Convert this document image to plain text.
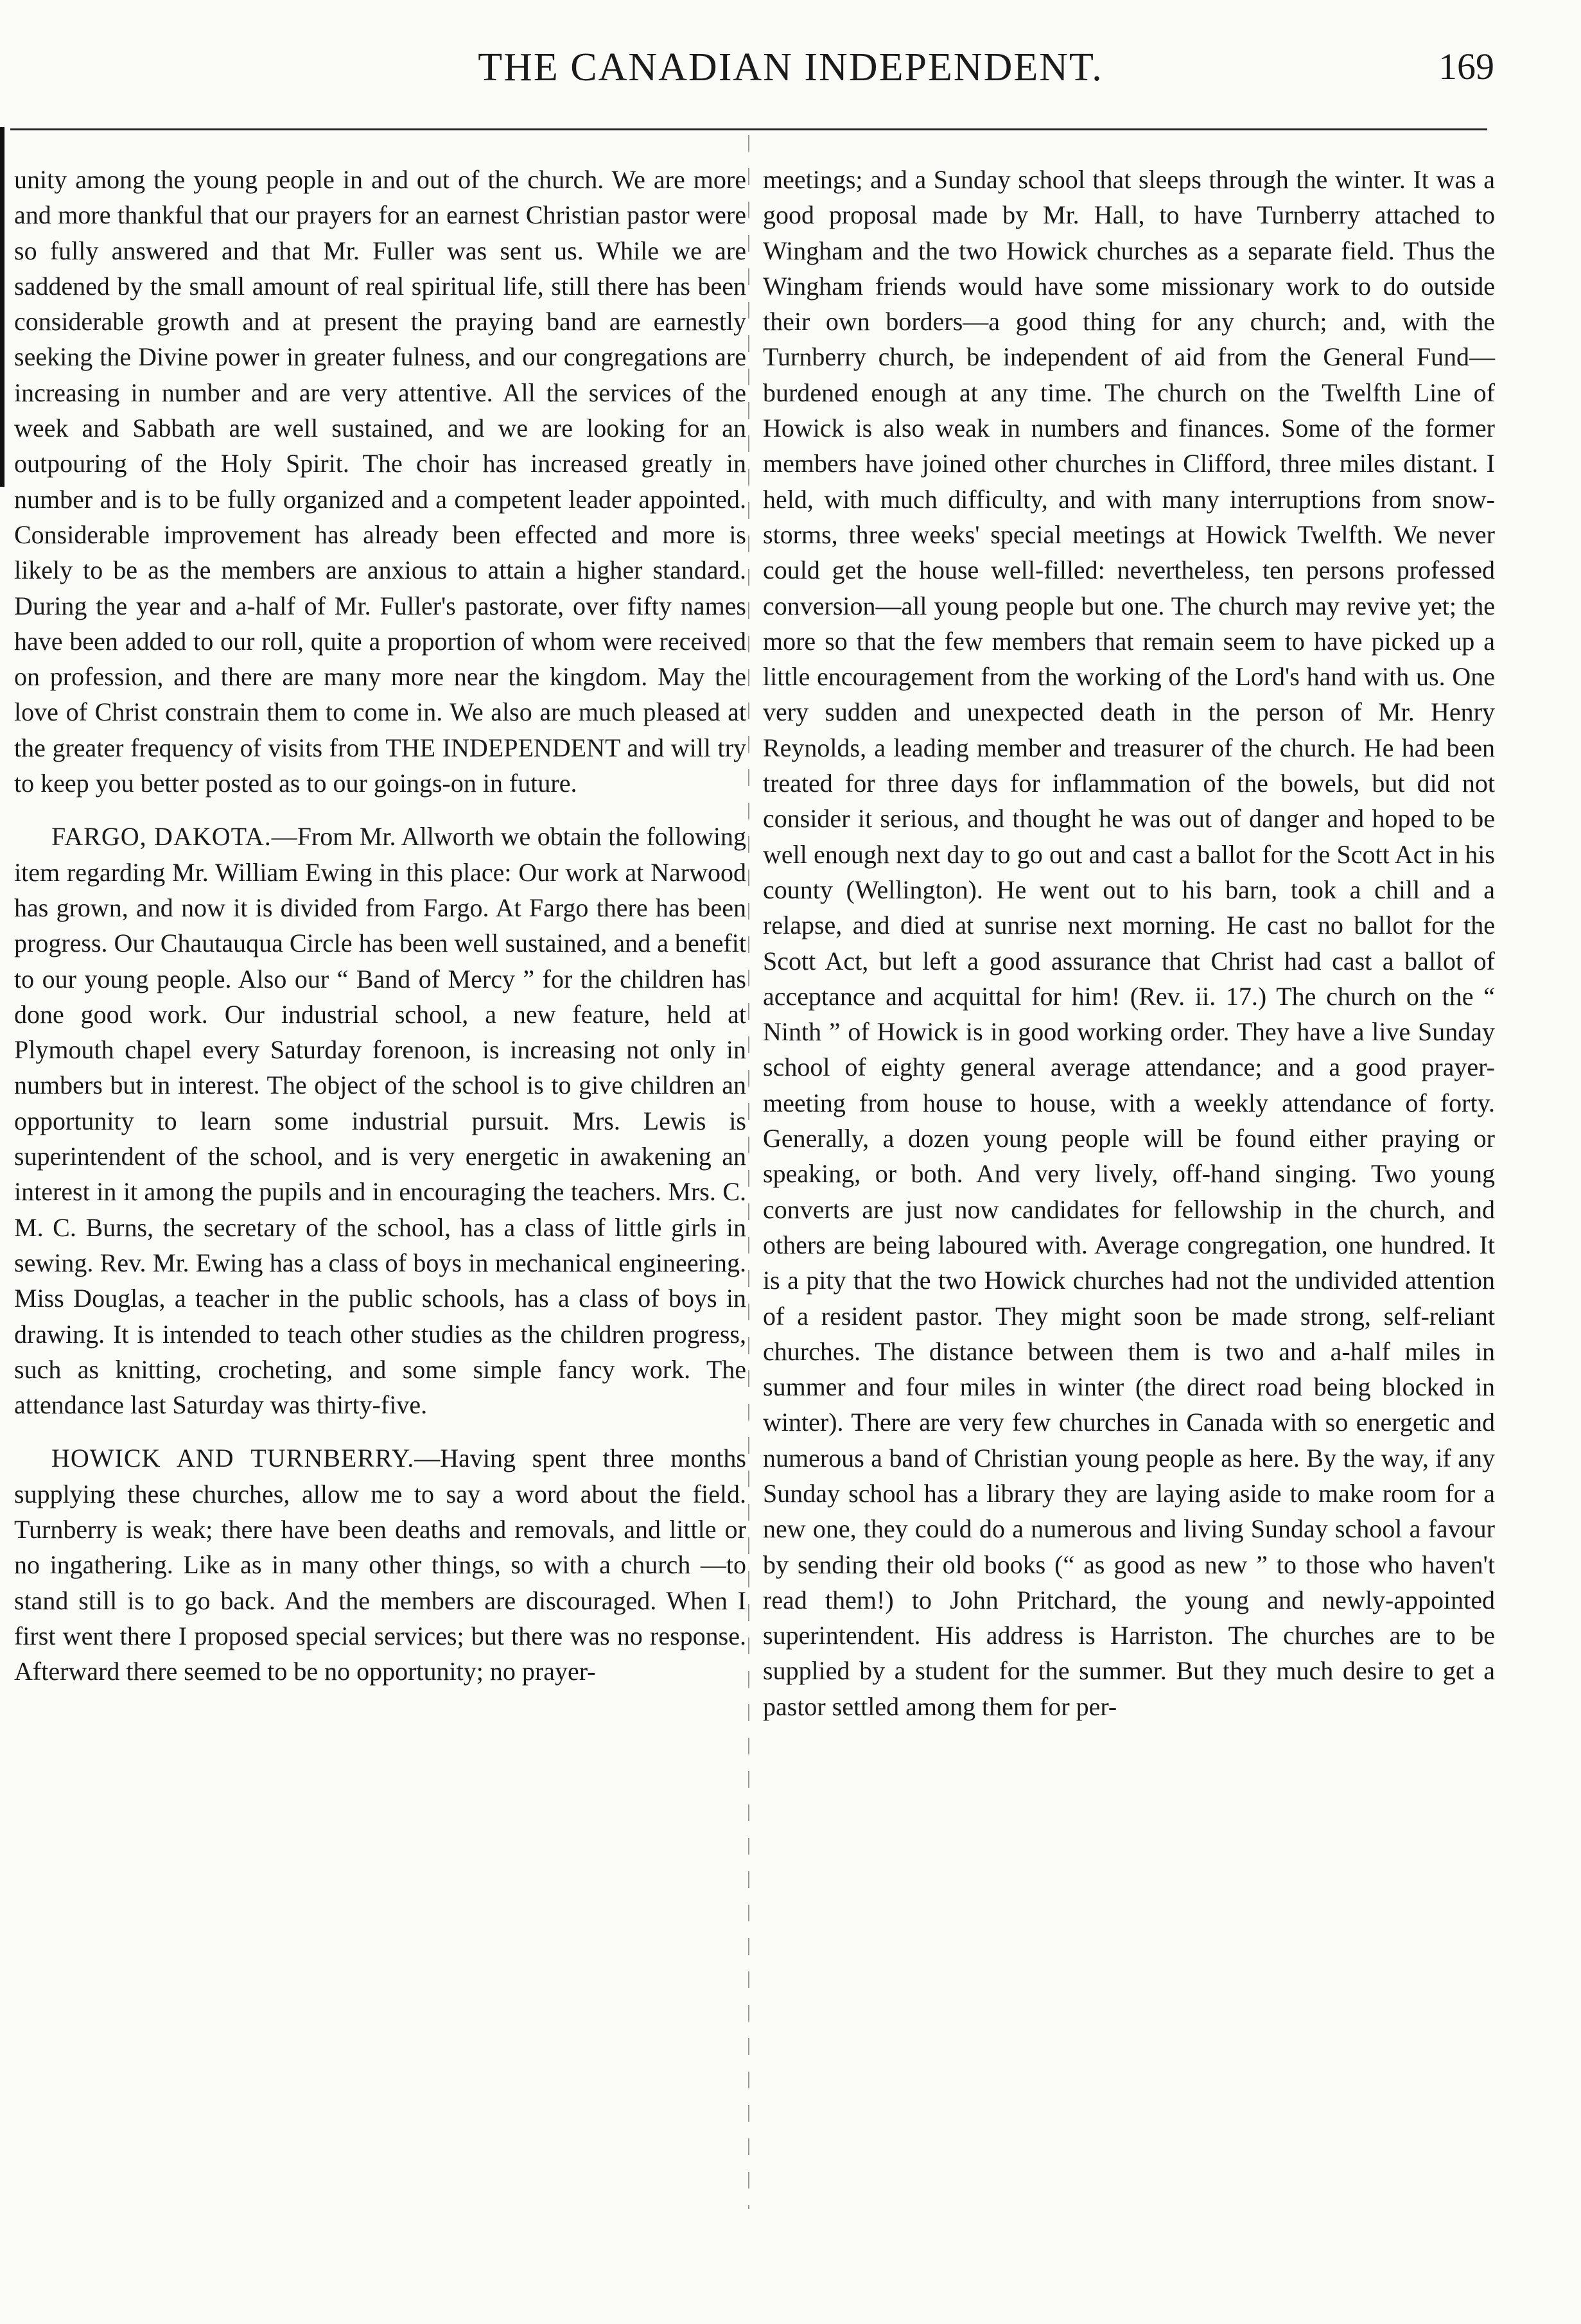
THE CANADIAN INDEPENDENT.	169

unity among the young people in and out of the church. We are more and more thankful that our prayers for an earnest Christian pastor were so fully answered and that Mr. Fuller was sent us. While we are saddened by the small amount of real spiritual life, still there has been considerable growth and at present the praying band are earnestly seeking the Divine power in greater fulness, and our congregations are increasing in number and are very attentive. All the services of the week and Sabbath are well sustained, and we are looking for an outpouring of the Holy Spirit. The choir has increased greatly in number and is to be fully organized and a competent leader appointed. Considerable improvement has already been effected and more is likely to be as the members are anxious to attain a higher standard. During the year and a-half of Mr. Fuller's pastorate, over fifty names have been added to our roll, quite a proportion of whom were received on profession, and there are many more near the kingdom. May the love of Christ constrain them to come in. We also are much pleased at the greater frequency of visits from THE INDEPENDENT and will try to keep you better posted as to our goings-on in future.

FARGO, DAKOTA.—From Mr. Allworth we obtain the following item regarding Mr. William Ewing in this place: Our work at Narwood has grown, and now it is divided from Fargo. At Fargo there has been progress. Our Chautauqua Circle has been well sustained, and a benefit to our young people. Also our “ Band of Mercy ” for the children has done good work. Our industrial school, a new feature, held at Plymouth chapel every Saturday forenoon, is increasing not only in numbers but in interest. The object of the school is to give children an opportunity to learn some industrial pursuit. Mrs. Lewis is superintendent of the school, and is very energetic in awakening an interest in it among the pupils and in encouraging the teachers. Mrs. C. M. C. Burns, the secretary of the school, has a class of little girls in sewing. Rev. Mr. Ewing has a class of boys in mechanical engineering. Miss Douglas, a teacher in the public schools, has a class of boys in drawing. It is intended to teach other studies as the children progress, such as knitting, crocheting, and some simple fancy work. The attendance last Saturday was thirty-five.

HOWICK AND TURNBERRY.—Having spent three months supplying these churches, allow me to say a word about the field. Turnberry is weak; there have been deaths and removals, and little or no ingathering. Like as in many other things, so with a church —to stand still is to go back. And the members are discouraged. When I first went there I proposed special services; but there was no response. Afterward there seemed to be no opportunity; no prayer-

meetings; and a Sunday school that sleeps through the winter. It was a good proposal made by Mr. Hall, to have Turnberry attached to Wingham and the two Howick churches as a separate field. Thus the Wingham friends would have some missionary work to do outside their own borders—a good thing for any church; and, with the Turnberry church, be independent of aid from the General Fund—burdened enough at any time. The church on the Twelfth Line of Howick is also weak in numbers and finances. Some of the former members have joined other churches in Clifford, three miles distant. I held, with much difficulty, and with many interruptions from snow-storms, three weeks' special meetings at Howick Twelfth. We never could get the house well-filled: nevertheless, ten persons professed conversion—all young people but one. The church may revive yet; the more so that the few members that remain seem to have picked up a little encouragement from the working of the Lord's hand with us. One very sudden and unexpected death in the person of Mr. Henry Reynolds, a leading member and treasurer of the church. He had been treated for three days for inflammation of the bowels, but did not consider it serious, and thought he was out of danger and hoped to be well enough next day to go out and cast a ballot for the Scott Act in his county (Wellington). He went out to his barn, took a chill and a relapse, and died at sunrise next morning. He cast no ballot for the Scott Act, but left a good assurance that Christ had cast a ballot of acceptance and acquittal for him! (Rev. ii. 17.) The church on the “ Ninth ” of Howick is in good working order. They have a live Sunday school of eighty general average attendance; and a good prayer-meeting from house to house, with a weekly attendance of forty. Generally, a dozen young people will be found either praying or speaking, or both. And very lively, off-hand singing. Two young converts are just now candidates for fellowship in the church, and others are being laboured with. Average congregation, one hundred. It is a pity that the two Howick churches had not the undivided attention of a resident pastor. They might soon be made strong, self-reliant churches. The distance between them is two and a-half miles in summer and four miles in winter (the direct road being blocked in winter). There are very few churches in Canada with so energetic and numerous a band of Christian young people as here. By the way, if any Sunday school has a library they are laying aside to make room for a new one, they could do a numerous and living Sunday school a favour by sending their old books (“ as good as new ” to those who haven't read them!) to John Pritchard, the young and newly-appointed superintendent. His address is Harriston. The churches are to be supplied by a student for the summer. But they much desire to get a pastor settled among them for per-
